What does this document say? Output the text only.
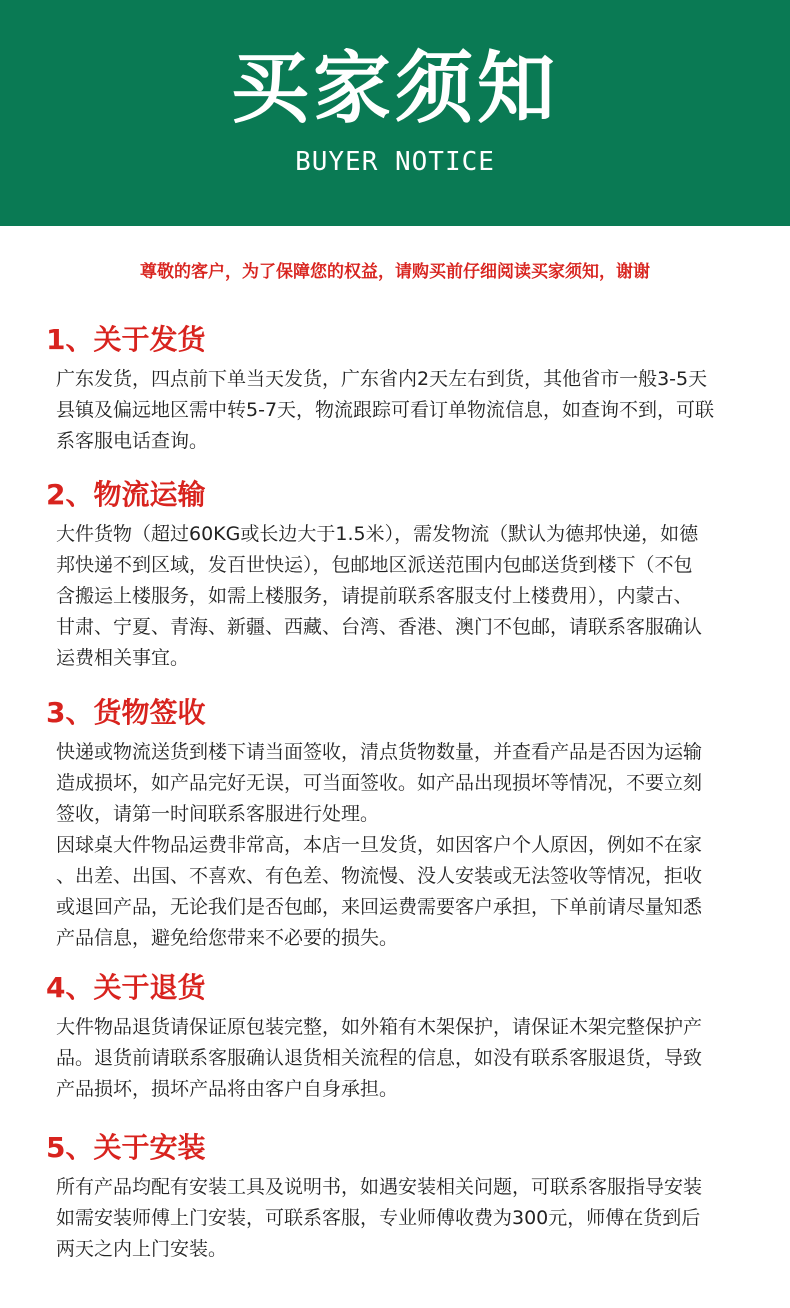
买家须知
BUYER NOTICE
尊敬的客户，为了保障您的权益，请购买前仔细阅读买家须知，谢谢
1、关于发货

广东发货，四点前下单当天发货，广东省内2天左右到货，其他省市一般3-5天

县镇及偏远地区需中转5-7天，物流跟踪可看订单物流信息，如查询不到，可联

系客服电话查询。

2、物流运输

大件货物（超过60KG或长边大于1.5米），需发物流（默认为德邦快递，如德

邦快递不到区域，发百世快运），包邮地区派送范围内包邮送货到楼下（不包

含搬运上楼服务，如需上楼服务，请提前联系客服支付上楼费用），内蒙古、

甘肃、宁夏、青海、新疆、西藏、台湾、香港、澳门不包邮，请联系客服确认

运费相关事宜。

3、货物签收

快递或物流送货到楼下请当面签收，清点货物数量，并查看产品是否因为运输

造成损坏，如产品完好无误，可当面签收。如产品出现损坏等情况，不要立刻

签收，请第一时间联系客服进行处理。

因球桌大件物品运费非常高，本店一旦发货，如因客户个人原因，例如不在家

、出差、出国、不喜欢、有色差、物流慢、没人安装或无法签收等情况，拒收

或退回产品，无论我们是否包邮，来回运费需要客户承担，下单前请尽量知悉

产品信息，避免给您带来不必要的损失。

4、关于退货

大件物品退货请保证原包装完整，如外箱有木架保护，请保证木架完整保护产

品。退货前请联系客服确认退货相关流程的信息，如没有联系客服退货，导致

产品损坏，损坏产品将由客户自身承担。

5、关于安装

所有产品均配有安装工具及说明书，如遇安装相关问题，可联系客服指导安装

如需安装师傅上门安装，可联系客服，专业师傅收费为300元，师傅在货到后

两天之内上门安装。
